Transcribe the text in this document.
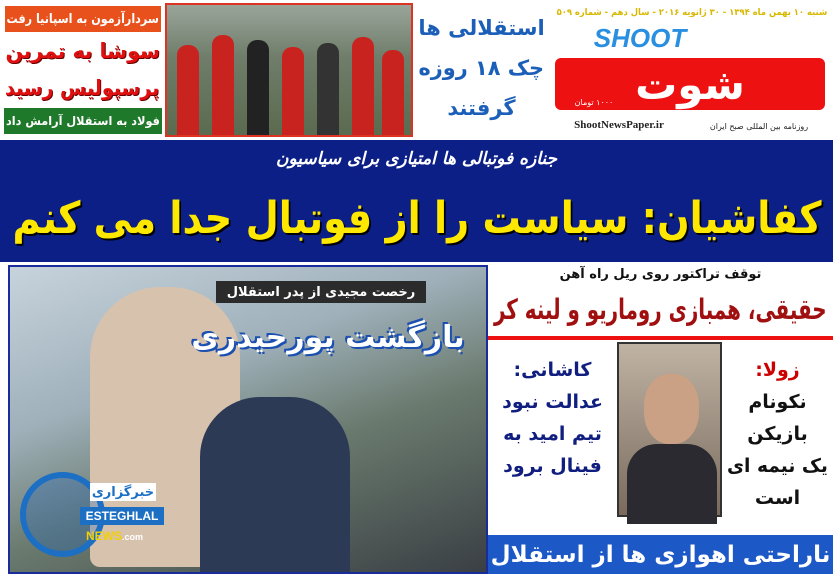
سردارآزمون به اسپانیا رفت
سوشا به تمرین
پرسپولیس رسید
فولاد به استقلال آرامش داد
استقلالی ها
چک ۱۸ روزه
گرفتند
شنبه ۱۰ بهمن ماه ۱۳۹۴ - ۳۰ ژانویه ۲۰۱۶ - سال دهم - شماره ۵۰۹
SHOOT
شوت
۱۰۰۰ تومان
ShootNewsPaper.ir	روزنامه بین المللی صبح ایران
جنازه فوتبالی ها امتیازی برای سیاسیون
کفاشیان: سیاست را از فوتبال جدا می کنم
رخصت مجیدی از پدر استقلال
بازگشت پورحیدری
خبرگزاری
ESTEGHLAL
NEWS.com
توقف تراکتور روی ریل راه آهن
حقیقی، همبازی روماریو و لینه کر
کاشانی:
عدالت نبود
تیم امید به
فینال برود
زولا:
نکونام
بازیکن
یک نیمه ای
است
ناراحتی اهوازی ها از استقلال
